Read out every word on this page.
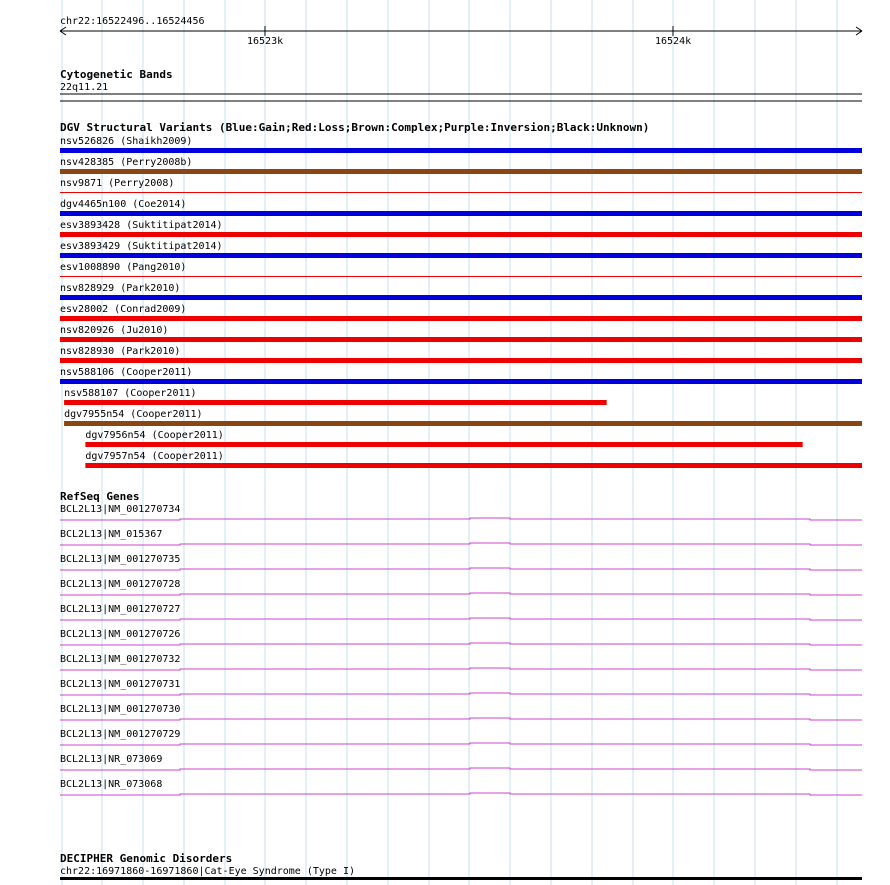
chr22:16522496..16524456
16523k	16524k
Cytogenetic Bands
22q11.21
DGV Structural Variants (Blue:Gain;Red:Loss;Brown:Complex;Purple:Inversion;Black:Unknown)
nsv526826 (Shaikh2009)
nsv428385 (Perry2008b)
nsv9871 (Perry2008)
dgv4465n100 (Coe2014)
esv3893428 (Suktitipat2014)
esv3893429 (Suktitipat2014)
esv1008890 (Pang2010)
nsv828929 (Park2010)
esv28002 (Conrad2009)
nsv820926 (Ju2010)
nsv828930 (Park2010)
nsv588106 (Cooper2011)
nsv588107 (Cooper2011)
dgv7955n54 (Cooper2011)
dgv7956n54 (Cooper2011)
dgv7957n54 (Cooper2011)
RefSeq Genes
BCL2L13|NM_001270734
BCL2L13|NM_015367
BCL2L13|NM_001270735
BCL2L13|NM_001270728
BCL2L13|NM_001270727
BCL2L13|NM_001270726
BCL2L13|NM_001270732
BCL2L13|NM_001270731
BCL2L13|NM_001270730
BCL2L13|NM_001270729
BCL2L13|NR_073069
BCL2L13|NR_073068
DECIPHER Genomic Disorders
chr22:16971860-16971860|Cat-Eye Syndrome (Type I)
